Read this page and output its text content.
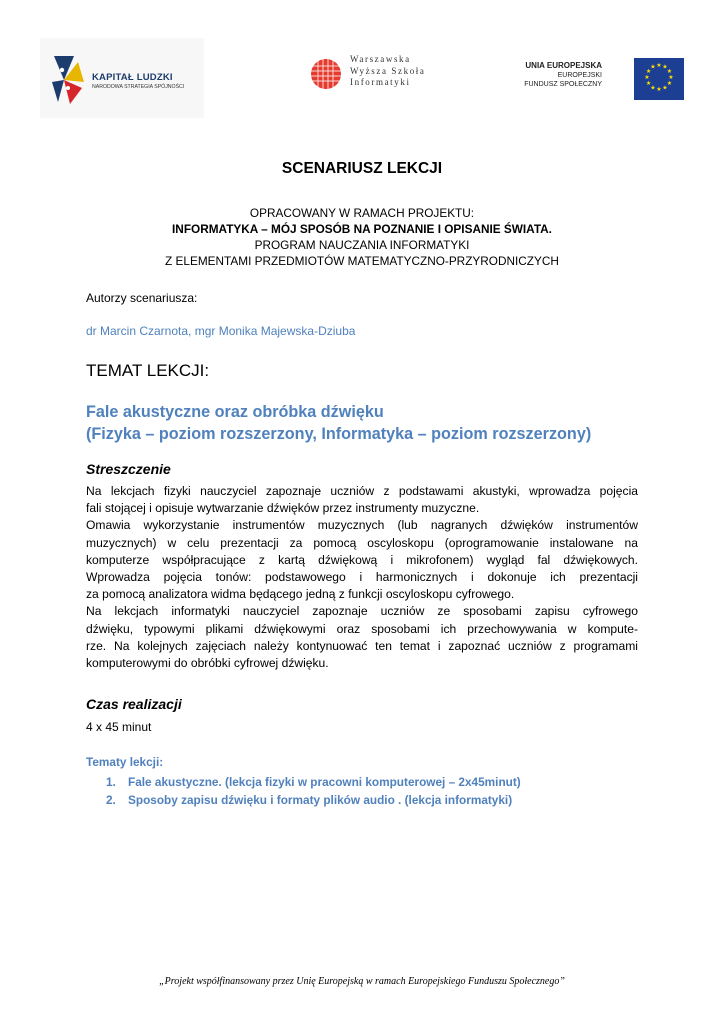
KAPITAŁ LUDZKI
NARODOWA STRATEGIA SPÓJNOŚCI
Warszawska
Wyższa Szkoła
Informatyki
UNIA EUROPEJSKA
EUROPEJSKI
FUNDUSZ SPOŁECZNY
★ ★
★
★
★
★
★
★
★
★
★
★
SCENARIUSZ LEKCJI
OPRACOWANY W RAMACH PROJEKTU:
INFORMATYKA – MÓJ SPOSÓB NA POZNANIE I OPISANIE ŚWIATA.
PROGRAM NAUCZANIA INFORMATYKI
Z ELEMENTAMI PRZEDMIOTÓW MATEMATYCZNO-PRZYRODNICZYCH
Autorzy scenariusza:
dr Marcin Czarnota, mgr Monika Majewska-Dziuba
TEMAT LEKCJI:
Fale akustyczne oraz obróbka dźwięku
(Fizyka – poziom rozszerzony, Informatyka – poziom rozszerzony)
Streszczenie
Na lekcjach fizyki nauczyciel zapoznaje uczniów z podstawami akustyki, wprowadza pojęcia
fali stojącej i opisuje wytwarzanie dźwięków przez instrumenty muzyczne.
Omawia wykorzystanie instrumentów muzycznych (lub nagranych dźwięków instrumentów
muzycznych) w celu prezentacji za pomocą oscyloskopu (oprogramowanie instalowane na
komputerze współpracujące z kartą dźwiękową i mikrofonem) wygląd fal dźwiękowych.
Wprowadza pojęcia tonów: podstawowego i harmonicznych i dokonuje ich prezentacji
za pomocą analizatora widma będącego jedną z funkcji oscyloskopu cyfrowego.
Na lekcjach informatyki nauczyciel zapoznaje uczniów ze sposobami zapisu cyfrowego
dźwięku, typowymi plikami dźwiękowymi oraz sposobami ich przechowywania w kompute-
rze. Na kolejnych zajęciach należy kontynuować ten temat i zapoznać uczniów z programami
komputerowymi do obróbki cyfrowej dźwięku.
Czas realizacji
4 x 45 minut
Tematy lekcji:
1. Fale akustyczne. (lekcja fizyki w pracowni komputerowej – 2x45minut)
2. Sposoby zapisu dźwięku i formaty plików audio . (lekcja informatyki)
„Projekt współfinansowany przez Unię Europejską w ramach Europejskiego Funduszu Społecznego”
